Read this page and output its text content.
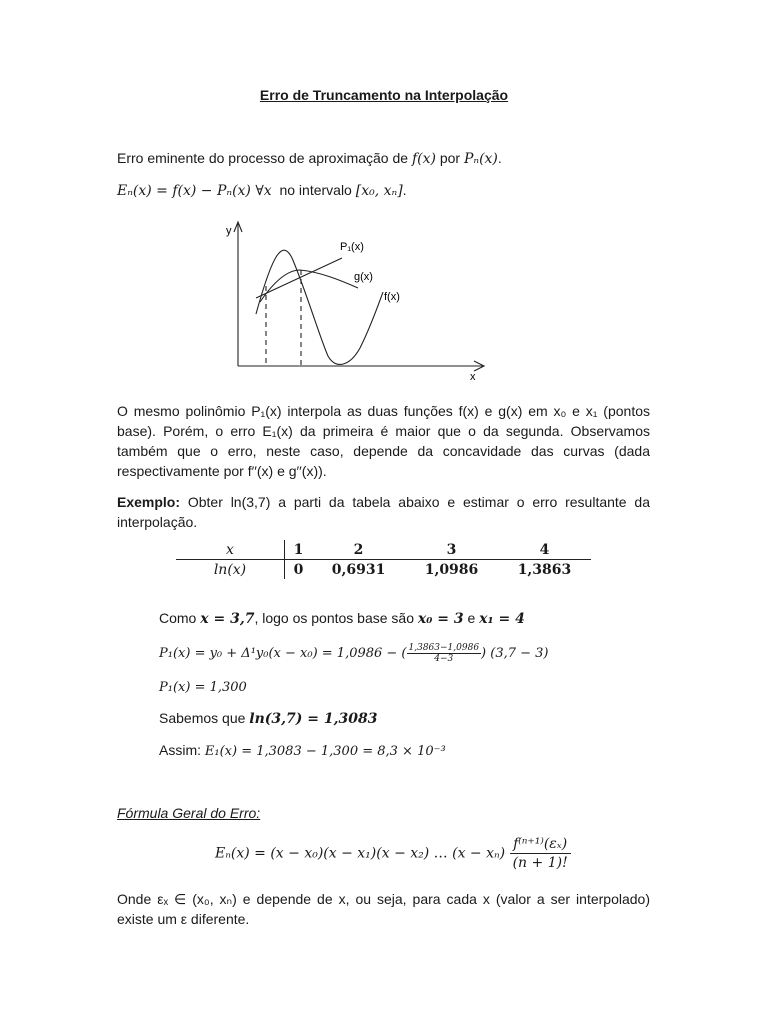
Erro de Truncamento na Interpolação
Erro eminente do processo de aproximação de f(x) por Pₙ(x).
Eₙ(x) = f(x) − Pₙ(x) ∀x no intervalo [x₀, xₙ].
y
x
P₁(x)
g(x)
f(x)
O mesmo polinômio P₁(x) interpola as duas funções f(x) e g(x) em x₀ e x₁ (pontos base). Porém, o erro E₁(x) da primeira é maior que o da segunda. Observamos também que o erro, neste caso, depende da concavidade das curvas (dada respectivamente por f′′(x) e g′′(x)).
Exemplo: Obter ln(3,7) a parti da tabela abaixo e estimar o erro resultante da interpolação.
x	1	2	3	4
ln(x)	0	0,6931	1,0986	1,3863
Como x = 3,7, logo os pontos base são x₀ = 3 e x₁ = 4
P₁(x) = y₀ + Δ¹y₀(x − x₀) = 1,0986 − ( $\frac{1,3863-1,0986}{4-3}$ ) (3,7 − 3)
P₁(x) = 1,300
Sabemos que ln(3,7) = 1,3083
Assim: E₁(x) = 1,3083 − 1,300 = 8,3 × 10⁻³
Fórmula Geral do Erro:
Eₙ(x) = (x − x₀)(x − x₁)(x − x₂) … $(x - x_n) \frac{\text{f⁽ⁿ⁺¹⁾(εₓ)}}{(n + 1)!}$
Onde εₓ ∈ (x₀, xₙ) e depende de x, ou seja, para cada x (valor a ser interpolado) existe um ε diferente.
